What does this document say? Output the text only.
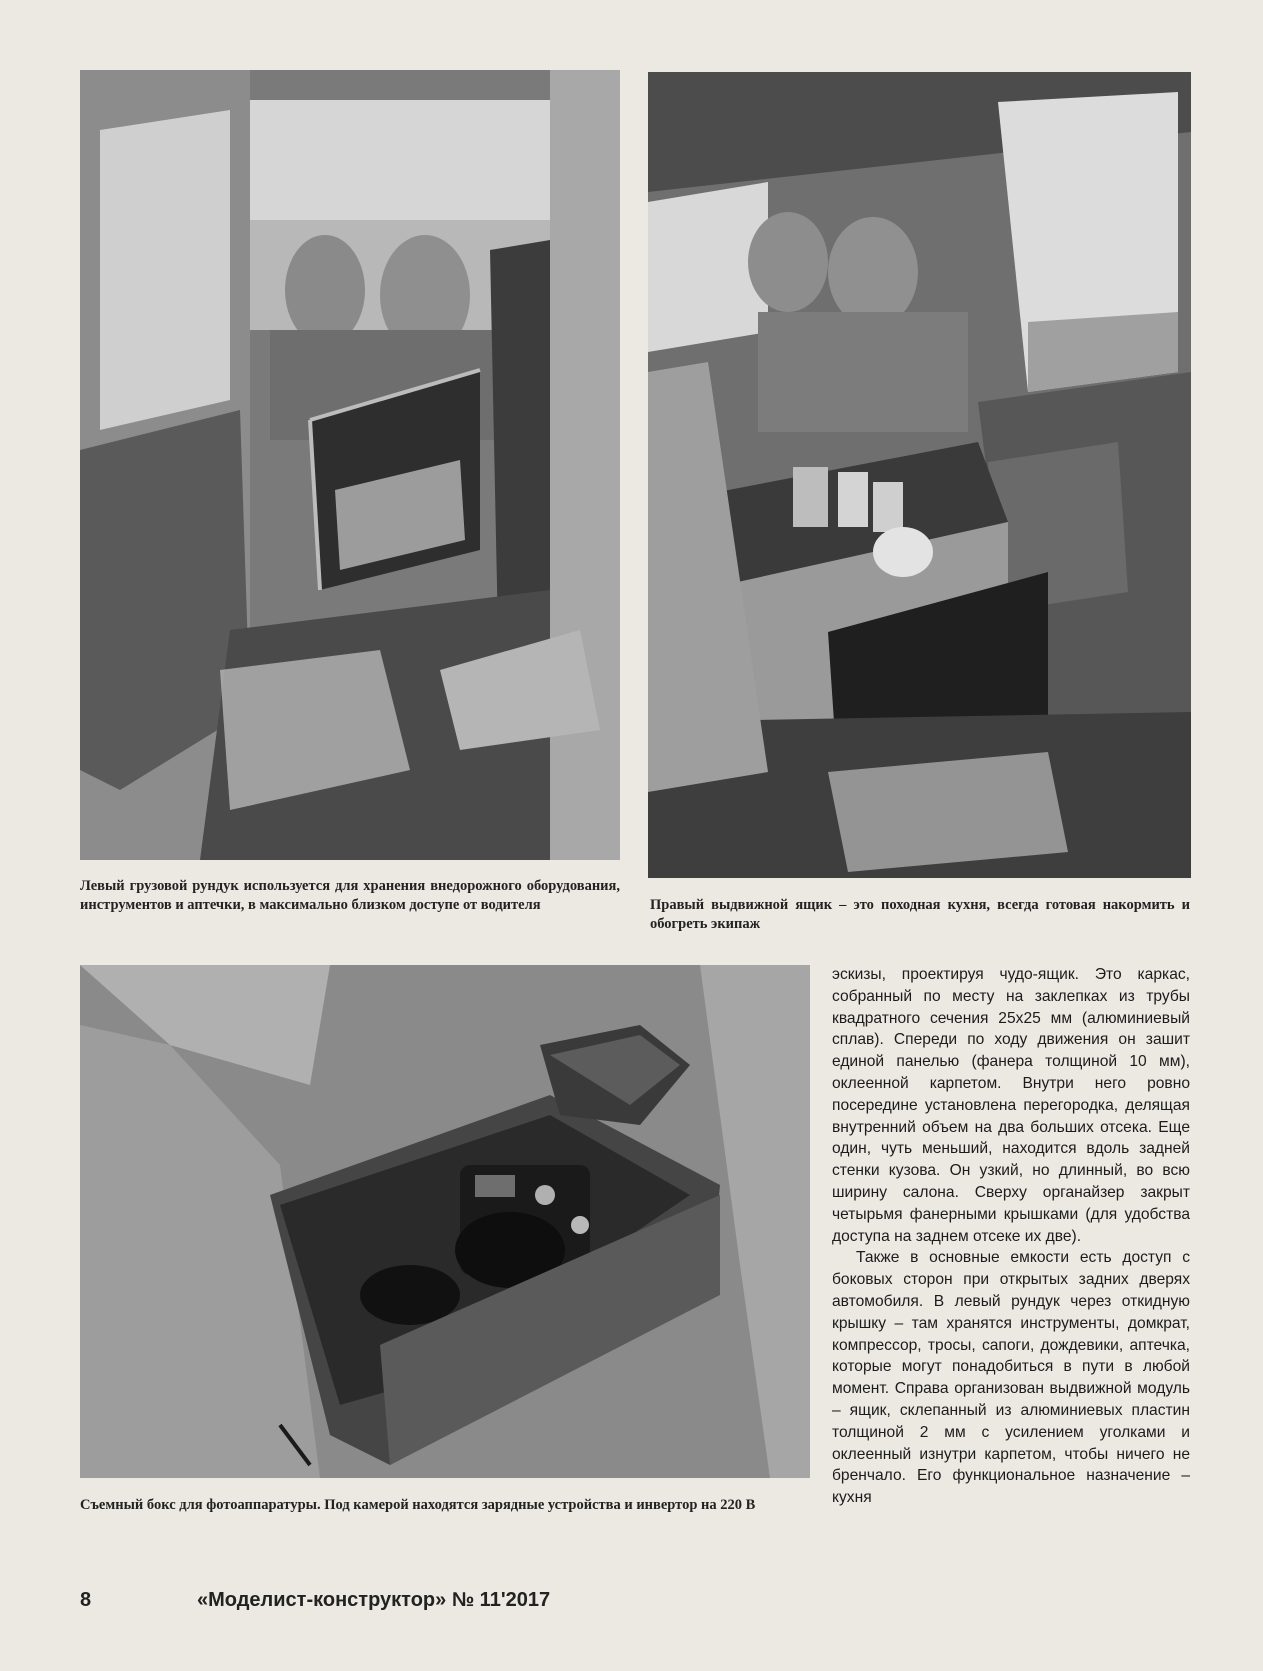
Левый грузовой рундук используется для хранения внедорожного оборудования, инструментов и аптечки, в максимально близком доступе от водителя	Правый выдвижной ящик – это походная кухня, всегда готовая накормить и обогреть экипаж
Съемный бокс для фотоаппаратуры. Под камерой находятся зарядные устройства и инвертор на 220 В

эскизы, проектируя чудо-ящик. Это каркас, собранный по месту на заклепках из трубы квадратного сечения 25х25 мм (алюминиевый сплав). Спереди по ходу движения он зашит единой панелью (фанера толщиной 10 мм), оклеенной карпетом. Внутри него ровно посередине установлена перегородка, делящая внутренний объем на два больших отсека. Еще один, чуть меньший, находится вдоль задней стенки кузова. Он узкий, но длинный, во всю ширину салона. Сверху органайзер закрыт четырьмя фанерными крышками (для удобства доступа на заднем отсеке их две).

Также в основные емкости есть доступ с боковых сторон при открытых задних дверях автомобиля. В левый рундук через откидную крышку – там хранятся инструменты, домкрат, компрессор, тросы, сапоги, дождевики, аптечка, которые могут понадобиться в пути в любой момент. Справа организован выдвижной модуль – ящик, склепанный из алюминиевых пластин толщиной 2 мм с усилением уголками и оклеенный изнутри карпетом, чтобы ничего не бренчало. Его функциональное назначение – кухня

8	«Моделист-конструктор» № 11'2017
